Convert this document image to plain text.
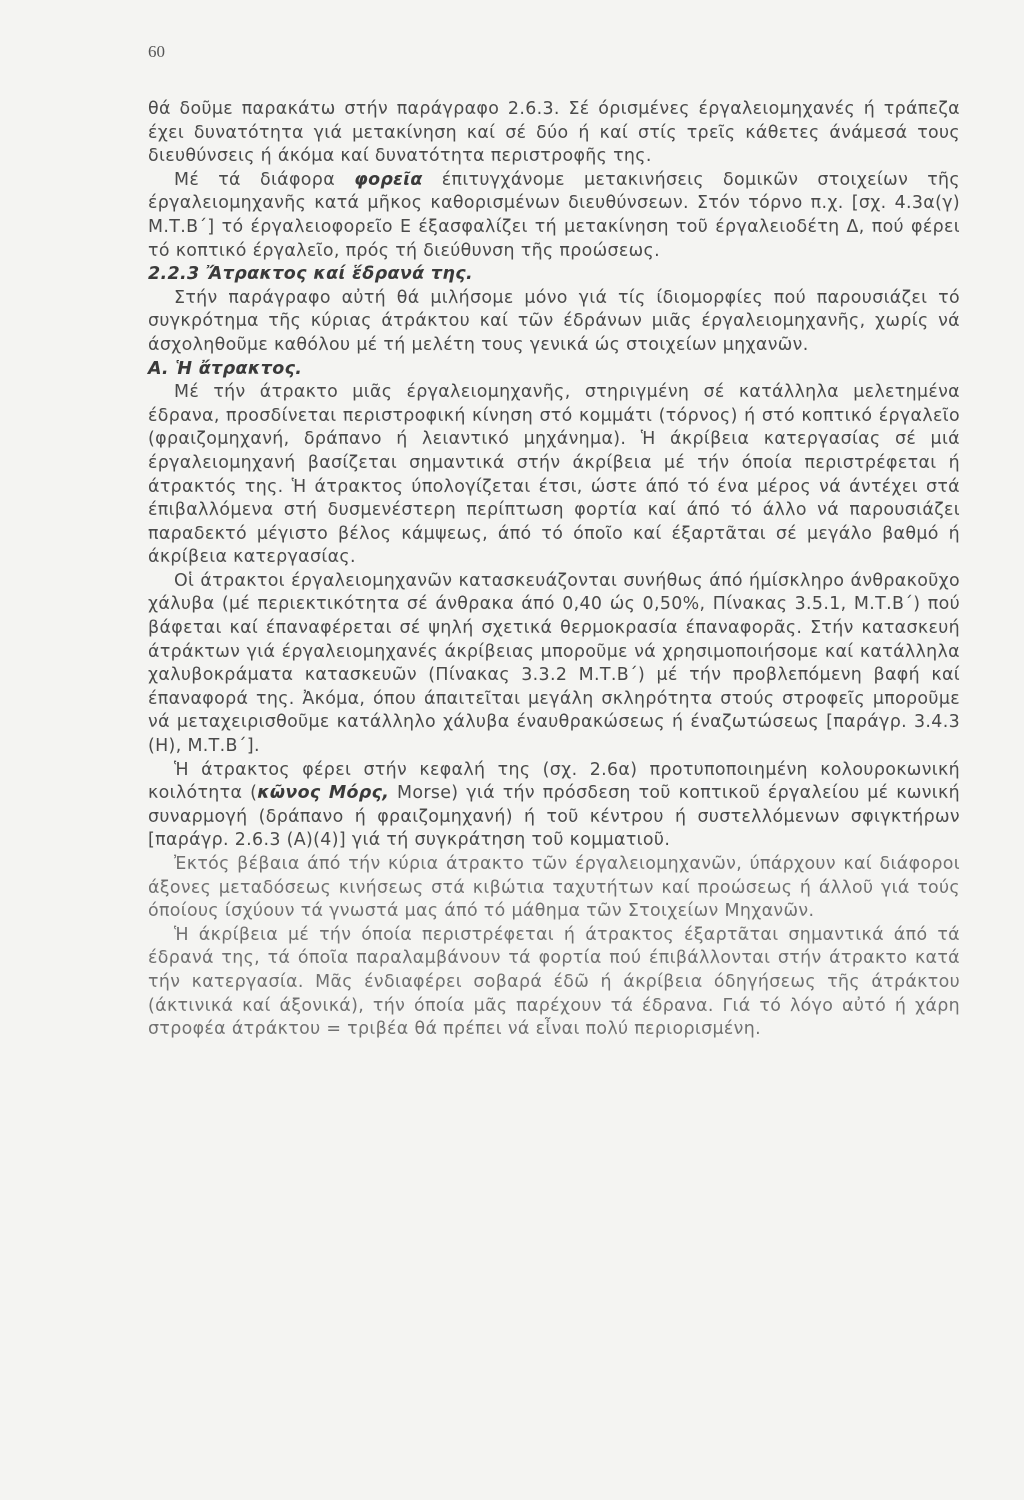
60

θά δοῦμε παρακάτω στήν παράγραφο 2.6.3. Σέ όρισμένες έργαλειομηχανές ή τράπεζα έχει δυνατότητα γιά μετακίνηση καί σέ δύο ή καί στίς τρεῖς κάθετες άνάμεσά τους διευθύνσεις ή άκόμα καί δυνατότητα περιστροφῆς της.

Μέ τά διάφορα φορεῖα έπιτυγχάνομε μετακινήσεις δομικῶν στοιχείων τῆς έργαλειομηχανῆς κατά μῆκος καθορισμένων διευθύνσεων. Στόν τόρνο π.χ. [σχ. 4.3α(γ) Μ.Τ.Β΄] τό έργαλειοφορεῖο Ε έξασφαλίζει τή μετακίνηση τοῦ έργαλειοδέτη Δ, πού φέρει τό κοπτικό έργαλεῖο, πρός τή διεύθυνση τῆς προώσεως.

2.2.3 Ἄτρακτος καί ἕδρανά της.

Στήν παράγραφο αὐτή θά μιλήσομε μόνο γιά τίς ίδιομορφίες πού παρουσιάζει τό συγκρότημα τῆς κύριας άτράκτου καί τῶν έδράνων μιᾶς έργαλειομηχανῆς, χωρίς νά άσχοληθοῦμε καθόλου μέ τή μελέτη τους γενικά ώς στοιχείων μηχανῶν.

Α. Ἡ ἄτρακτος.

Μέ τήν άτρακτο μιᾶς έργαλειομηχανῆς, στηριγμένη σέ κατάλληλα μελετημένα έδρανα, προσδίνεται περιστροφική κίνηση στό κομμάτι (τόρνος) ή στό κοπτικό έργαλεῖο (φραιζομηχανή, δράπανο ή λειαντικό μηχάνημα). Ἡ άκρίβεια κατεργασίας σέ μιά έργαλειομηχανή βασίζεται σημαντικά στήν άκρίβεια μέ τήν όποία περιστρέφεται ή άτρακτός της. Ἡ άτρακτος ύπολογίζεται έτσι, ώστε άπό τό ένα μέρος νά άντέχει στά έπιβαλλόμενα στή δυσμενέστερη περίπτωση φορτία καί άπό τό άλλο νά παρουσιάζει παραδεκτό μέγιστο βέλος κάμψεως, άπό τό όποῖο καί έξαρτᾶται σέ μεγάλο βαθμό ή άκρίβεια κατεργασίας.

Οἱ άτρακτοι έργαλειομηχανῶν κατασκευάζονται συνήθως άπό ήμίσκληρο άνθρακοῦχο χάλυβα (μέ περιεκτικότητα σέ άνθρακα άπό 0,40 ώς 0,50%, Πίνακας 3.5.1, Μ.Τ.Β΄) πού βάφεται καί έπαναφέρεται σέ ψηλή σχετικά θερμοκρασία έπαναφορᾶς. Στήν κατασκευή άτράκτων γιά έργαλειομηχανές άκρίβειας μποροῦμε νά χρησιμοποιήσομε καί κατάλληλα χαλυβοκράματα κατασκευῶν (Πίνακας 3.3.2 Μ.Τ.Β΄) μέ τήν προβλεπόμενη βαφή καί έπαναφορά της. Ἀκόμα, όπου άπαιτεῖται μεγάλη σκληρότητα στούς στροφεῖς μποροῦμε νά μεταχειρισθοῦμε κατάλληλο χάλυβα έναυθρακώσεως ή έναζωτώσεως [παράγρ. 3.4.3 (Η), Μ.Τ.Β΄].

Ἡ άτρακτος φέρει στήν κεφαλή της (σχ. 2.6α) προτυποποιημένη κολουροκωνική κοιλότητα (κῶνος Μόρς, Morse) γιά τήν πρόσδεση τοῦ κοπτικοῦ έργαλείου μέ κωνική συναρμογή (δράπανο ή φραιζομηχανή) ή τοῦ κέντρου ή συστελλόμενων σφιγκτήρων [παράγρ. 2.6.3 (Α)(4)] γιά τή συγκράτηση τοῦ κομματιοῦ.

Ἐκτός βέβαια άπό τήν κύρια άτρακτο τῶν έργαλειομηχανῶν, ύπάρχουν καί διάφοροι άξονες μεταδόσεως κινήσεως στά κιβώτια ταχυτήτων καί προώσεως ή άλλοῦ γιά τούς όποίους ίσχύουν τά γνωστά μας άπό τό μάθημα τῶν Στοιχείων Μηχανῶν.

Ἡ άκρίβεια μέ τήν όποία περιστρέφεται ή άτρακτος έξαρτᾶται σημαντικά άπό τά έδρανά της, τά όποῖα παραλαμβάνουν τά φορτία πού έπιβάλλονται στήν άτρακτο κατά τήν κατεργασία. Μᾶς ένδιαφέρει σοβαρά έδῶ ή άκρίβεια όδηγήσεως τῆς άτράκτου (άκτινικά καί άξονικά), τήν όποία μᾶς παρέχουν τά έδρανα. Γιά τό λόγο αὐτό ή χάρη στροφέα άτράκτου = τριβέα θά πρέπει νά εἶναι πολύ περιορισμένη.
